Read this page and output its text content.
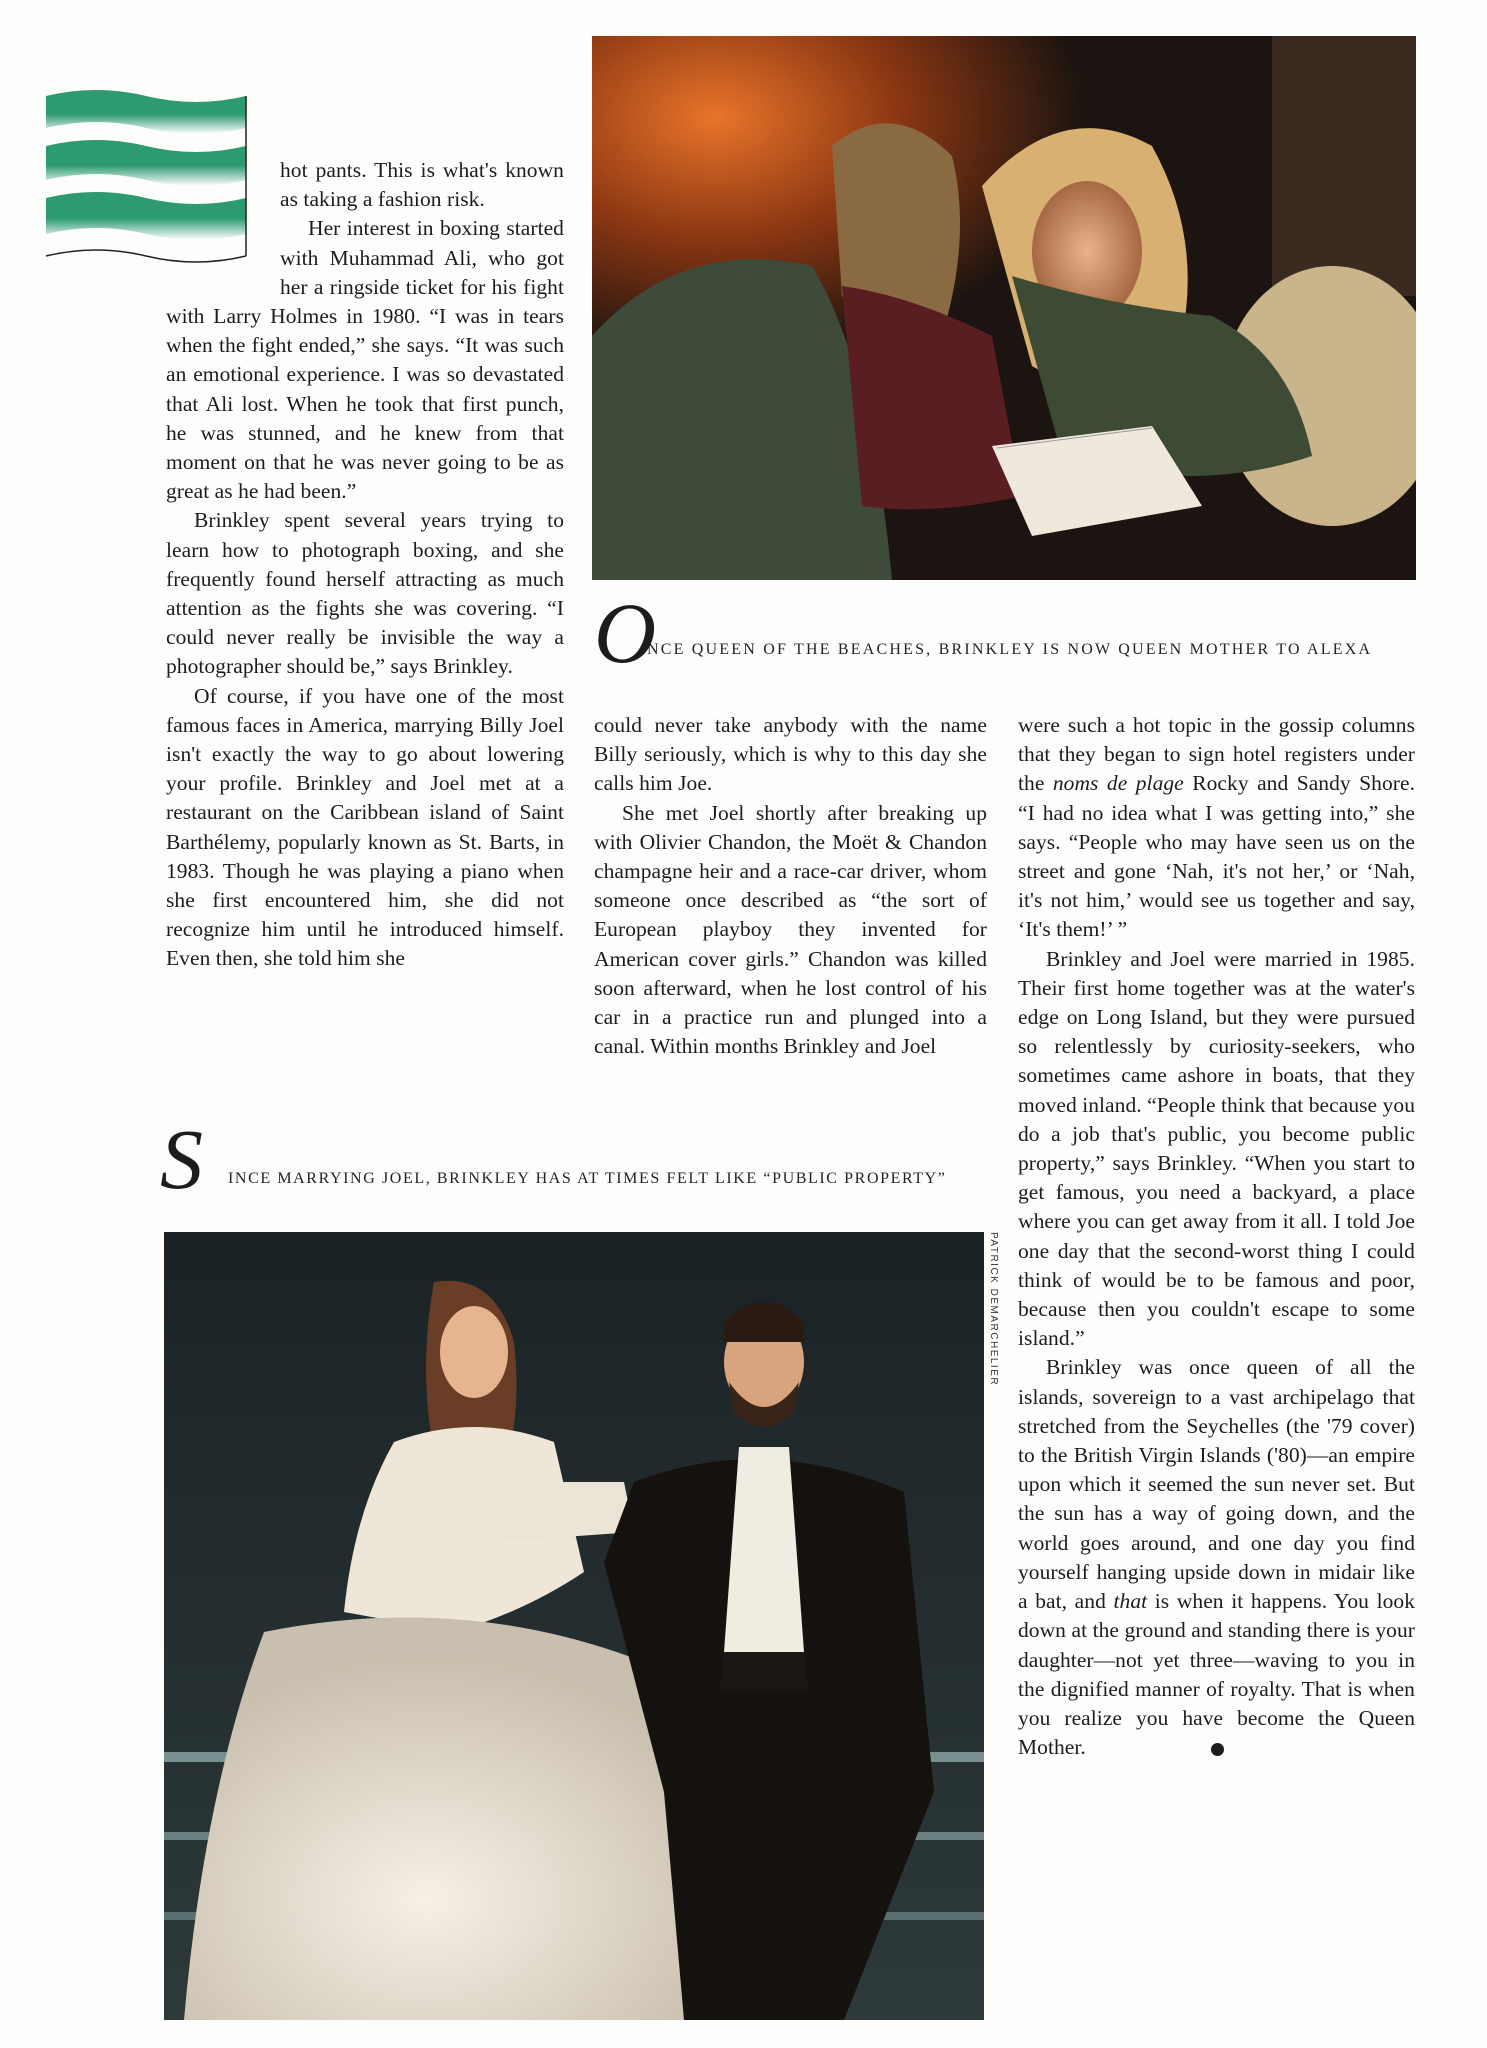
O
NCE QUEEN OF THE BEACHES, BRINKLEY IS NOW QUEEN MOTHER TO ALEXA

hot pants. This is what's known as taking a fashion risk.

Her interest in boxing started with Muhammad Ali, who got her a ringside ticket for his fight with Larry Holmes in 1980. “I was in tears when the fight ended,” she says. “It was such an emotional experience. I was so devastated that Ali lost. When he took that first punch, he was stunned, and he knew from that moment on that he was never going to be as great as he had been.”

Brinkley spent several years trying to learn how to photograph boxing, and she frequently found herself attracting as much attention as the fights she was covering. “I could never really be invisible the way a photographer should be,” says Brinkley.

Of course, if you have one of the most famous faces in America, marrying Billy Joel isn't exactly the way to go about lowering your profile. Brinkley and Joel met at a restaurant on the Caribbean island of Saint Barthélemy, popularly known as St. Barts, in 1983. Though he was playing a piano when she first encountered him, she did not recognize him until he introduced himself. Even then, she told him she

could never take anybody with the name Billy seriously, which is why to this day she calls him Joe.

She met Joel shortly after breaking up with Olivier Chandon, the Moët & Chandon champagne heir and a race-car driver, whom someone once described as “the sort of European playboy they invented for American cover girls.” Chandon was killed soon afterward, when he lost control of his car in a practice run and plunged into a canal. Within months Brinkley and Joel

were such a hot topic in the gossip columns that they began to sign hotel registers under the noms de plage Rocky and Sandy Shore. “I had no idea what I was getting into,” she says. “People who may have seen us on the street and gone ‘Nah, it's not her,’ or ‘Nah, it's not him,’ would see us together and say, ‘It's them!’ ”

Brinkley and Joel were married in 1985. Their first home together was at the water's edge on Long Island, but they were pursued so relentlessly by curiosity-seekers, who sometimes came ashore in boats, that they moved inland. “People think that because you do a job that's public, you become public property,” says Brinkley. “When you start to get famous, you need a backyard, a place where you can get away from it all. I told Joe one day that the second-worst thing I could think of would be to be famous and poor, because then you couldn't escape to some island.”

Brinkley was once queen of all the islands, sovereign to a vast archipelago that stretched from the Seychelles (the '79 cover) to the British Virgin Islands ('80)—an empire upon which it seemed the sun never set. But the sun has a way of going down, and the world goes around, and one day you find yourself hanging upside down in midair like a bat, and that is when it happens. You look down at the ground and standing there is your daughter—not yet three—waving to you in the dignified manner of royalty. That is when you realize you have become the Queen Mother.

S INCE MARRYING JOEL, BRINKLEY HAS AT TIMES FELT LIKE “PUBLIC PROPERTY”
PATRICK DEMARCHELIER
